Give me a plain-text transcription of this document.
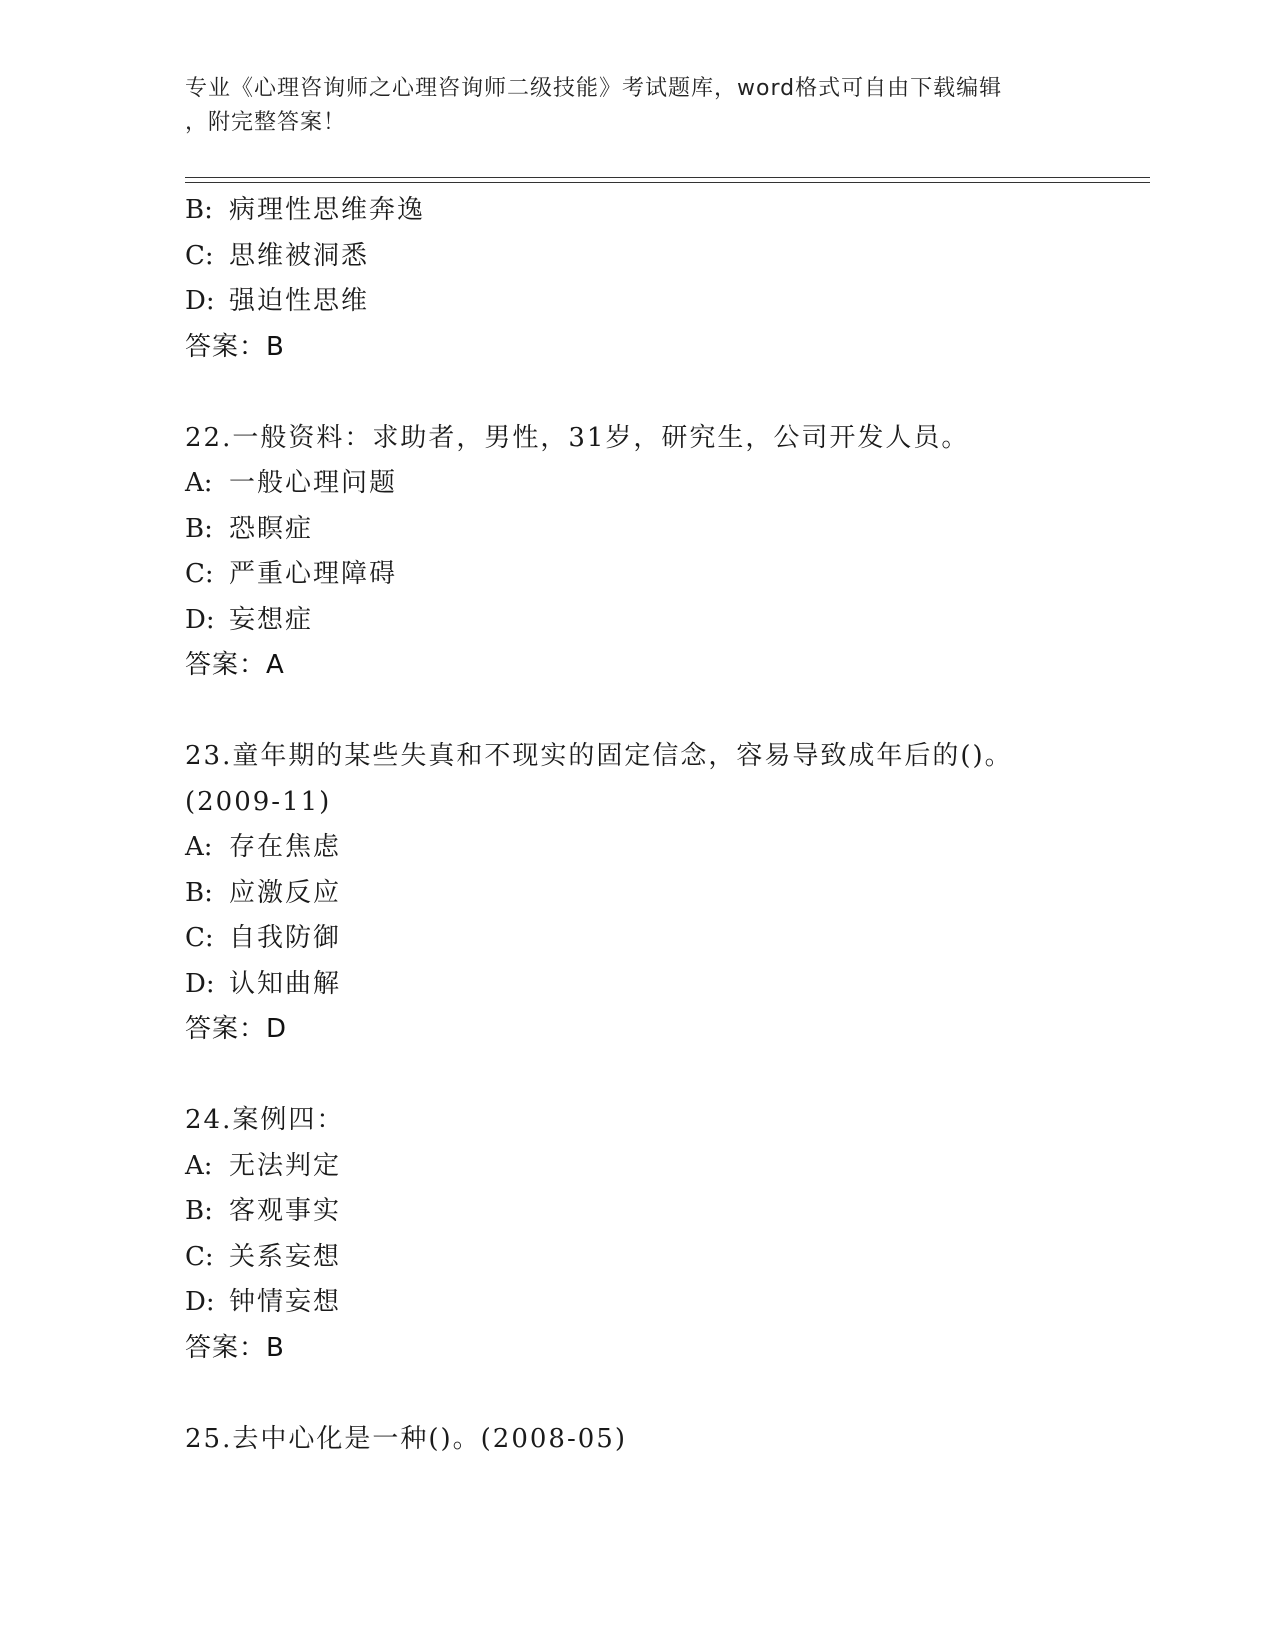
专业《心理咨询师之心理咨询师二级技能》考试题库，word格式可自由下载编辑
，附完整答案！
B: 病理性思维奔逸
C: 思维被洞悉
D: 强迫性思维
答案：B
22.一般资料：求助者，男性，31岁，研究生，公司开发人员。
A: 一般心理问题
B: 恐瞑症
C: 严重心理障碍
D: 妄想症
答案：A
23.童年期的某些失真和不现实的固定信念，容易导致成年后的()。
(2009-11)
A: 存在焦虑
B: 应激反应
C: 自我防御
D: 认知曲解
答案：D
24.案例四：
A: 无法判定
B: 客观事实
C: 关系妄想
D: 钟情妄想
答案：B
25.去中心化是一种()。(2008-05)
